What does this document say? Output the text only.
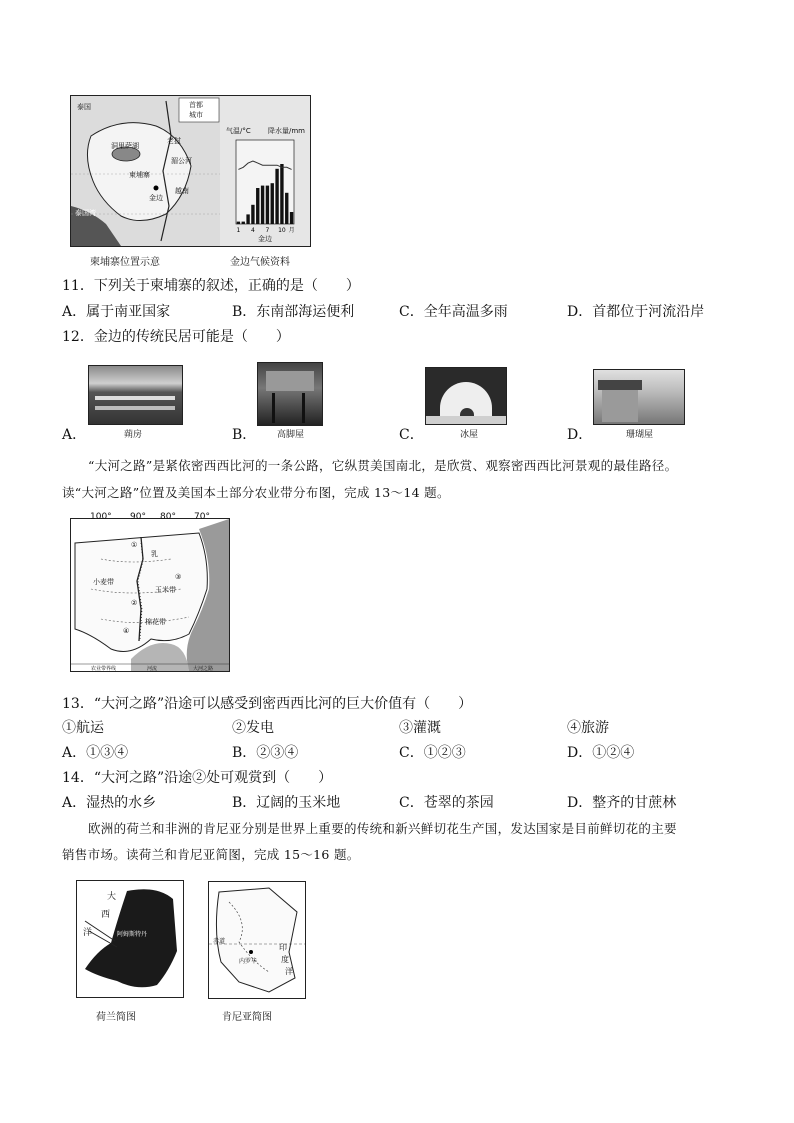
泰国
老挝
越南
柬埔寨
洞里萨湖
金边
湄公河
首都
城市
泰国湾
1 4 7 10 月
气温/°C 降水量/mm
金边
柬埔寨位置示意	金边气候资料
11．下列关于柬埔寨的叙述，正确的是（　　）
A．属于南亚国家	B．东南部海运便利	C．全年高温多雨	D．首都位于河流沿岸
12．金边的传统民居可能是（　　）
A．	蒴房	B． 高脚屋	C．	冰屋	D．	珊瑚屋
“大河之路”是紧依密西西比河的一条公路，它纵贯美国南北，是欣赏、观察密西西比河景观的最佳路径。
读“大河之路”位置及美国本土部分农业带分布图，完成 13～14 题。
乳
小麦带
玉米带
棉花带
①
②
③
④
农业带界线	河流	大河之路
100° 90° 80° 70°
13．“大河之路”沿途可以感受到密西西比河的巨大价值有（　　）
①航运	②发电	③灌溉	④旅游
A．①③④	B．②③④	C．①②③	D．①②④
14．“大河之路”沿途②处可观赏到（　　）
A．湿热的水乡	B．辽阔的玉米地	C．苍翠的茶园	D．整齐的甘蔗林
欧洲的荷兰和非洲的肯尼亚分别是世界上重要的传统和新兴鲜切花生产国，发达国家是目前鲜切花的主要
销售市场。读荷兰和肯尼亚简图，完成 15～16 题。
大
西
洋	阿姆斯特丹
内罗毕
赤道
印
度
洋
荷兰简图	肯尼亚简图
